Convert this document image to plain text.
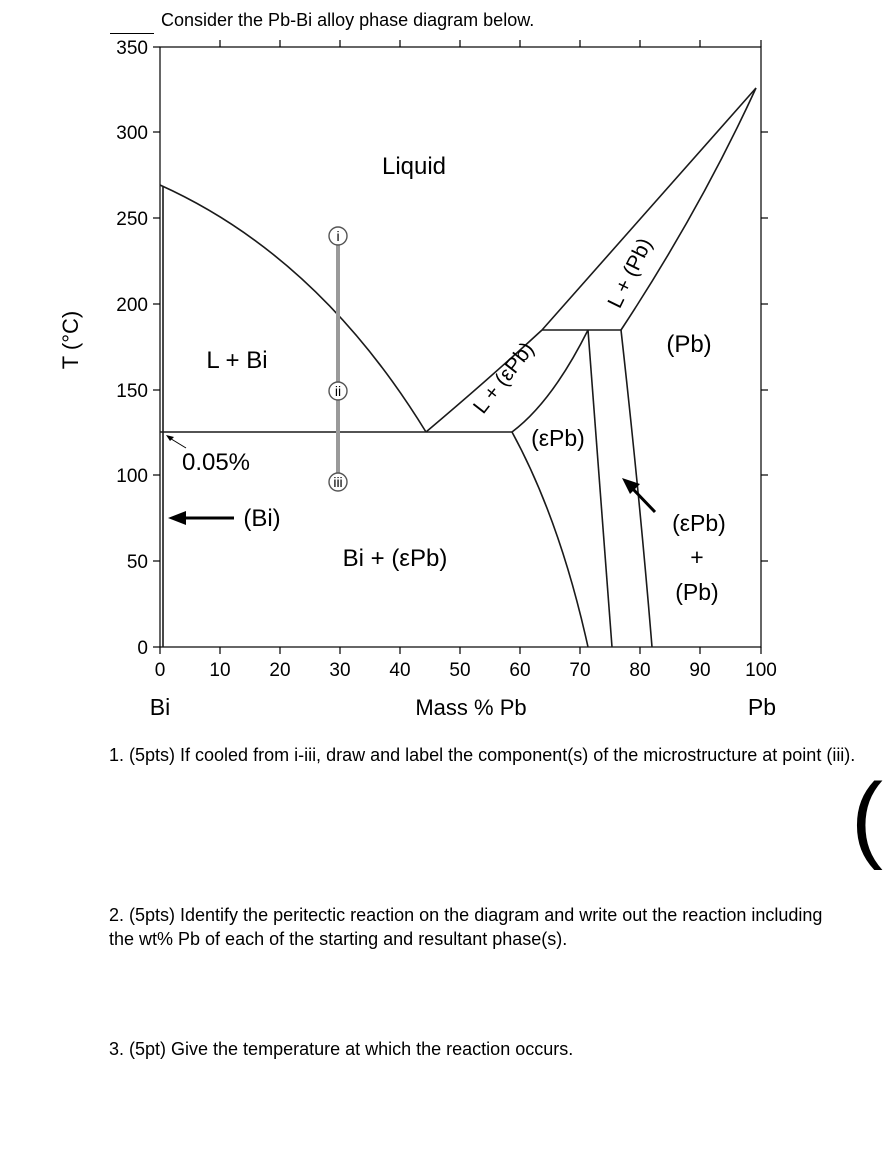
Consider the Pb-Bi alloy phase diagram below.
0
50
100
150
200
250
300
350
0 10 20 30 40 50 60 70 80 90 100
Bi	Mass % Pb	Pb
T (°C)
i
ii
iii
Liquid
L + Bi
Bi + (εPb)
(Pb)
(εPb)
(εPb)
+
(Pb)
(Bi)
0.05%
L + (εPb)
L + (Pb)
1. (5pts) If cooled from i-iii, draw and label the component(s) of the microstructure at point (iii).
2. (5pts) Identify the peritectic reaction on the diagram and write out the reaction including the wt% Pb of each of the starting and resultant phase(s).
3. (5pt) Give the temperature at which the reaction occurs.
(
